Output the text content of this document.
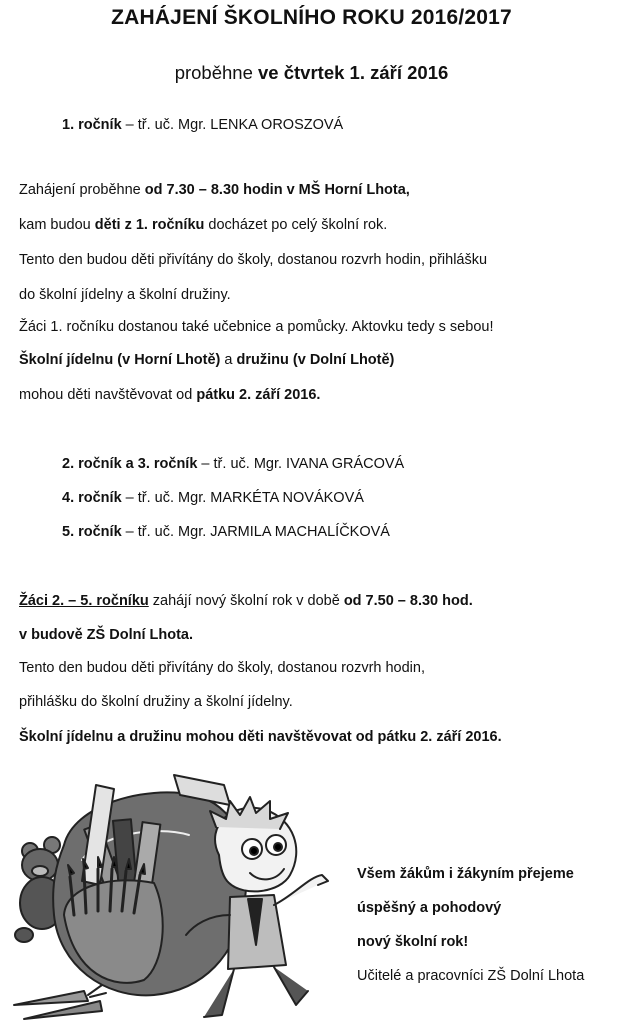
ZAHÁJENÍ ŠKOLNÍHO ROKU 2016/2017
proběhne ve čtvrtek 1. září 2016
1. ročník – tř. uč. Mgr. LENKA OROSZOVÁ
Zahájení proběhne od 7.30 – 8.30 hodin v MŠ Horní Lhota,
kam budou děti z 1. ročníku docházet po celý školní rok.
Tento den budou děti přivítány do školy, dostanou rozvrh hodin, přihlášku
do školní jídelny a školní družiny.
Žáci 1. ročníku dostanou také učebnice a pomůcky. Aktovku tedy s sebou!
Školní jídelnu (v Horní Lhotě) a družinu (v Dolní Lhotě)
mohou děti navštěvovat od pátku 2. září 2016.
2. ročník a 3. ročník – tř. uč. Mgr. IVANA GRÁCOVÁ
4. ročník – tř. uč. Mgr. MARKÉTA NOVÁKOVÁ
5. ročník – tř. uč. Mgr. JARMILA MACHALÍČKOVÁ
Žáci 2. – 5. ročníku zahájí nový školní rok v době od 7.50 – 8.30 hod.
v budově ZŠ Dolní Lhota.
Tento den budou děti přivítány do školy, dostanou rozvrh hodin,
přihlášku do školní družiny a školní jídelny.
Školní jídelnu a družinu mohou děti navštěvovat od pátku 2. září 2016.
Všem žákům i žákyním přejeme
úspěšný a pohodový
nový školní rok!
Učitelé a pracovníci ZŠ Dolní Lhota
